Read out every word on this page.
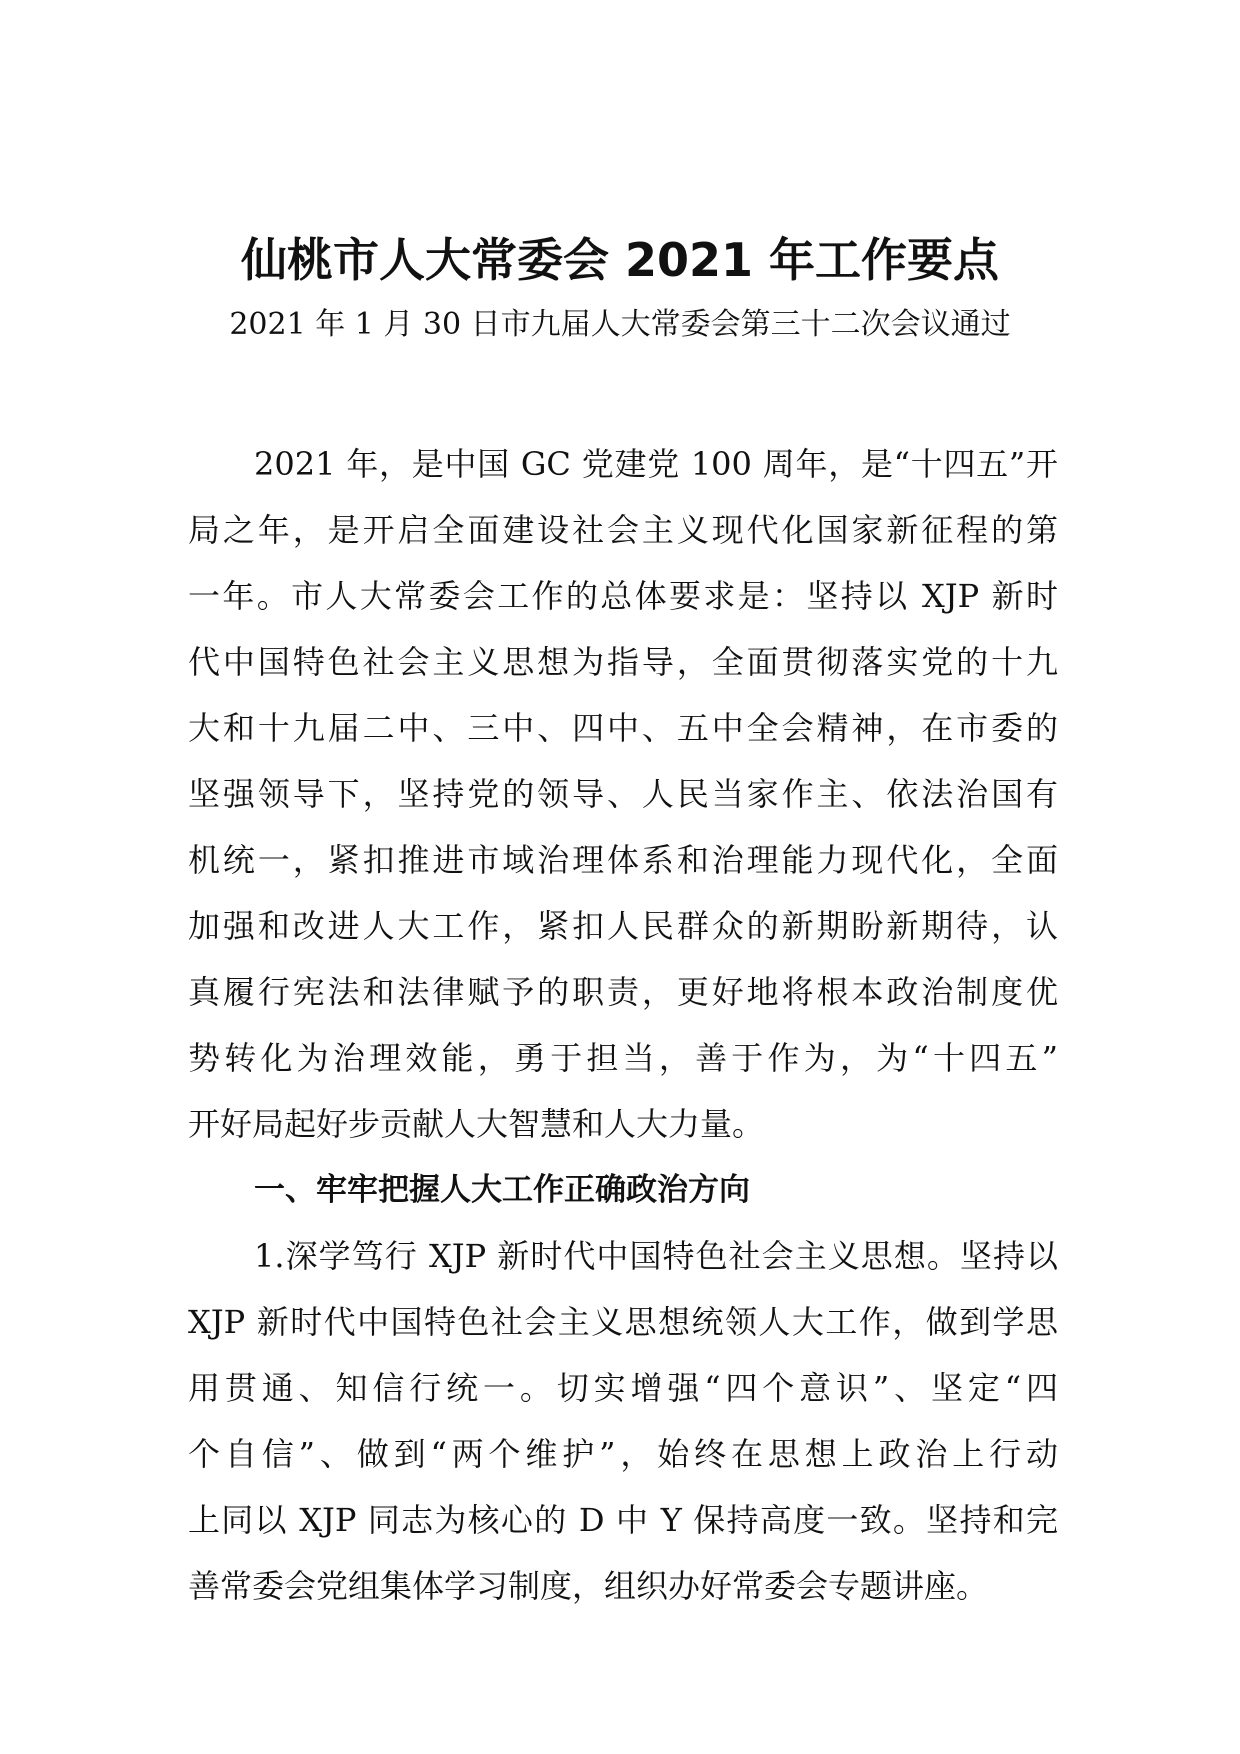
仙桃市人大常委会 2021 年工作要点
2021 年 1 月 30 日市九届人大常委会第三十二次会议通过
2021 年，是中国 GC 党建党 100 周年，是“十四五”开
局之年，是开启全面建设社会主义现代化国家新征程的第
一年。市人大常委会工作的总体要求是：坚持以 XJP 新时
代中国特色社会主义思想为指导，全面贯彻落实党的十九
大和十九届二中、三中、四中、五中全会精神，在市委的
坚强领导下，坚持党的领导、人民当家作主、依法治国有
机统一，紧扣推进市域治理体系和治理能力现代化，全面
加强和改进人大工作，紧扣人民群众的新期盼新期待，认
真履行宪法和法律赋予的职责，更好地将根本政治制度优
势转化为治理效能，勇于担当，善于作为，为“十四五”
开好局起好步贡献人大智慧和人大力量。
一、牢牢把握人大工作正确政治方向
1.深学笃行 XJP 新时代中国特色社会主义思想。坚持以
XJP 新时代中国特色社会主义思想统领人大工作，做到学思
用贯通、知信行统一。切实增强“四个意识”、坚定“四
个自信”、做到“两个维护”，始终在思想上政治上行动
上同以 XJP 同志为核心的 D 中 Y 保持高度一致。坚持和完
善常委会党组集体学习制度，组织办好常委会专题讲座。
